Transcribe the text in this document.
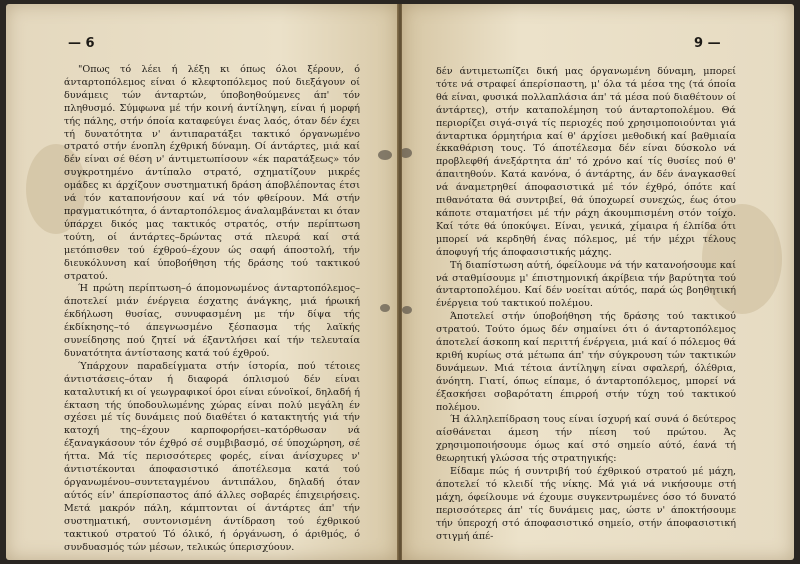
— 6

"Οπως τό λέει ή λέξη κι όπως όλοι ξέρουν, ό άνταρτοπόλεμος είναι ό κλεφτοπόλεμος πού διεξάγουν οί δυνάμεις τών άνταρτών, ύποβοηθούμενες άπ' τόν πληθυσμό. Σύμφωνα μέ τήν κοινή άντίληψη, είναι ή μορφή τής πάλης, στήν όποία καταφεύγει ένας λαός, όταν δέν έχει τή δυνατότητα ν' άντιπαρατάξει τακτικό όργανωμένο στρατό στήν ένοπλη έχθρική δύναμη. Οί άντάρτες, μιά καί δέν είναι σέ θέση ν' άντιμετωπίσουν «έκ παρατάξεως» τόν συγκροτημένο άντίπαλο στρατό, σχηματίζουν μικρές ομάδες κι άρχίζουν συστηματική δράση άποβλέποντας έτσι νά τόν καταπονήσουν καί νά τόν φθείρουν. Μά στήν πραγματικότητα, ό άνταρτοπόλεμος άναλαμβάνεται κι όταν ύπάρχει δικός μας τακτικός στρατός, στήν περίπτωση τούτη, οί άντάρτες–δρώντας στά πλευρά καί στά μετόπισθεν τού έχθρού–έχουν ώς σαφή άποστολή, τήν διευκόλυνση καί ύποβοήθηση τής δράσης τού τακτικού στρατού.

Ή πρώτη περίπτωση–ό άπομονωμένος άνταρτοπόλεμος–άποτελεί μιάν ένέργεια έσχατης άνάγκης, μιά ήρωική έκδήλωση θυσίας, συνυφασμένη με τήν δίψα τής έκδίκησης–τό άπεγνωσμένο ξέσπασμα τής λαϊκής συνείδησης πού ζητεί νά έξαντλήσει καί τήν τελευταία δυνατότητα άντίστασης κατά τού έχθρού.

Ύπάρχουν παραδείγματα στήν ίστορία, πού τέτοιες άντιστάσεις–όταν ή διαφορά όπλισμού δέν είναι καταλυτική κι οί γεωγραφικοί όροι είναι εύνοϊκοί, δηλαδή ή έκταση τής ύποδουλωμένης χώρας είναι πολύ μεγάλη έν σχέσει μέ τίς δυνάμεις πού διαθέτει ό κατακτητής γιά τήν κατοχή της–έχουν καρποφορήσει–κατόρθωσαν νά έξαναγκάσουν τόν έχθρό σέ συμβιβασμό, σέ ύποχώρηση, σέ ήττα. Μά τίς περισσότερες φορές, είναι άνίσχυρες ν' άντιστέκονται άποφασιστικό άποτέλεσμα κατά τού όργανωμένου–συντεταγμένου άντιπάλου, δηλαδή όταν αύτός είν' άπερίσπαστος άπό άλλες σοβαρές έπιχειρήσεις. Μετά μακρόν πάλη, κάμπτονται οί άντάρτες άπ' τήν συστηματική, συντονισμένη άντίδραση τού έχθρικού τακτικού στρατού Τό όλικό, ή όργάνωση, ό άριθμός, ό συνδυασμός τών μέσων, τελικώς ύπερισχύουν.

9 —

δέν άντιμετωπίζει δική μας όργανωμένη δύναμη, μπορεί τότε νά στραφεί άπερίσπαστη, μ' όλα τά μέσα της (τά όποία θά είναι, φυσικά πολλαπλάσια άπ' τά μέσα πού διαθέτουν οί άντάρτες), στήν καταπολέμηση τού άνταρτοπολέμου. Θά περιορίζει σιγά-σιγά τίς περιοχές πού χρησιμοποιούνται γιά άνταρτικα όρμητήρια καί θ' άρχίσει μεθοδική καί βαθμιαία έκκαθάριση τους. Τό άποτέλεσμα δέν είναι δύσκολο νά προβλεφθή άνεξάρτητα άπ' τό χρόνο καί τίς θυσίες πού θ' άπαιτηθούν. Κατά κανόνα, ό άντάρτης, άν δέν άναγκασθεί νά άναμετρηθεί άποφασιστικά μέ τόν έχθρό, όπότε καί πιθανότατα θά συντριβεί, θά ύποχωρεί συνεχώς, έως ότου κάποτε σταματήσει μέ τήν ράχη άκουμπισμένη στόν τοίχο. Καί τότε θά ύποκύψει. Είναι, γενικά, χίμαιρα ή έλπίδα ότι μπορεί νά κερδηθή ένας πόλεμος, μέ τήν μέχρι τέλους άποφυγή τής άποφασιστικής μάχης.

Τή διαπίστωση αύτή, όφείλουμε νά τήν κατανοήσουμε καί νά σταθμίσουμε μ' έπιστημονική άκρίβεια τήν βαρύτητα τού άνταρτοπολέμου. Καί δέν νοείται αύτός, παρά ώς βοηθητική ένέργεια τού τακτικού πολέμου.

Άποτελεί στήν ύποβοήθηση τής δράσης τού τακτικού στρατού. Τούτο όμως δέν σημαίνει ότι ό άνταρτοπόλεμος άποτελεί άσκοπη καί περιττή ένέργεια, μιά καί ό πόλεμος θά κριθή κυρίως στά μέτωπα άπ' τήν σύγκρουση τών τακτικών δυνάμεων. Μιά τέτοια άντίληψη είναι σφαλερή, όλέθρια, άνόητη. Γιατί, όπως είπαμε, ό άνταρτοπόλεμος, μπορεί νά έξασκήσει σοβαρότατη έπιρροή στήν τύχη τού τακτικού πολέμου.

Ή άλληλεπίδραση τους είναι ίσχυρή καί συνά ό δεύτερος αίσθάνεται άμεση τήν πίεση τού πρώτου. Άς χρησιμοποιήσουμε όμως καί στό σημείο αύτό, έανά τή θεωρητική γλώσσα τής στρατηγικής:

Είδαμε πώς ή συντριβή τού έχθρικού στρατού μέ μάχη, άποτελεί τό κλειδί τής νίκης. Μά γιά νά νικήσουμε στή μάχη, όφείλουμε νά έχουμε συγκεντρωμένες όσο τό δυνατό περισσότερες άπ' τίς δυνάμεις μας, ώστε ν' άποκτήσουμε τήν ύπεροχή στό άποφασιστικό σημείο, στήν άποφασιστική στιγμή άπέ-
